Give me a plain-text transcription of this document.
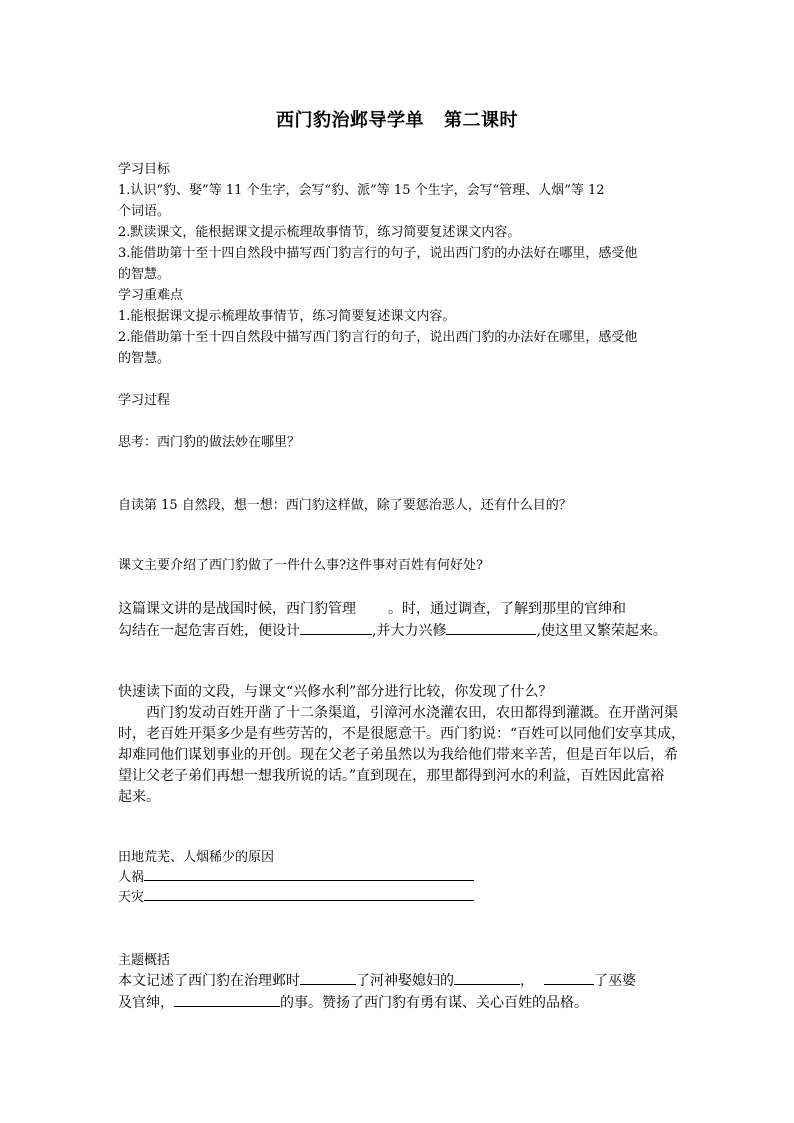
西门豹治邺导学单 第二课时
学习目标
1.认识“豹、娶”等 11 个生字，会写“豹、派”等 15 个生字，会写“管理、人烟”等 12
个词语。
2.默读课文，能根据课文提示梳理故事情节，练习简要复述课文内容。
3.能借助第十至十四自然段中描写西门豹言行的句子，说出西门豹的办法好在哪里，感受他
的智慧。
学习重难点
1.能根据课文提示梳理故事情节，练习简要复述课文内容。
2.能借助第十至十四自然段中描写西门豹言行的句子，说出西门豹的办法好在哪里，感受他
的智慧。
学习过程
思考：西门豹的做法妙在哪里？
自读第 15 自然段，想一想：西门豹这样做，除了要惩治恶人，还有什么目的？
课文主要介绍了西门豹做了一件什么事?这件事对百姓有何好处?
这篇课文讲的是战国时候，西门豹管理 。时，通过调查，了解到那里的官绅和
勾结在一起危害百姓，便设计	,并大力兴修	,使这里又繁荣起来。
快速读下面的文段，与课文“兴修水利”部分进行比较，你发现了什么？
西门豹发动百姓开凿了十二条渠道，引漳河水浇灌农田，农田都得到灌溉。在开凿河渠
时，老百姓开渠多少是有些劳苦的，不是很愿意干。西门豹说：“百姓可以同他们安享其成，
却难同他们谋划事业的开创。现在父老子弟虽然以为我给他们带来辛苦，但是百年以后，希
望让父老子弟们再想一想我所说的话。”直到现在，那里都得到河水的利益，百姓因此富裕
起来。
田地荒芜、人烟稀少的原因
人祸
天灾
主题概括
本文记述了西门豹在治理邺时	了河神娶媳妇的	，	了巫婆
及官绅，	的事。赞扬了西门豹有勇有谋、关心百姓的品格。
